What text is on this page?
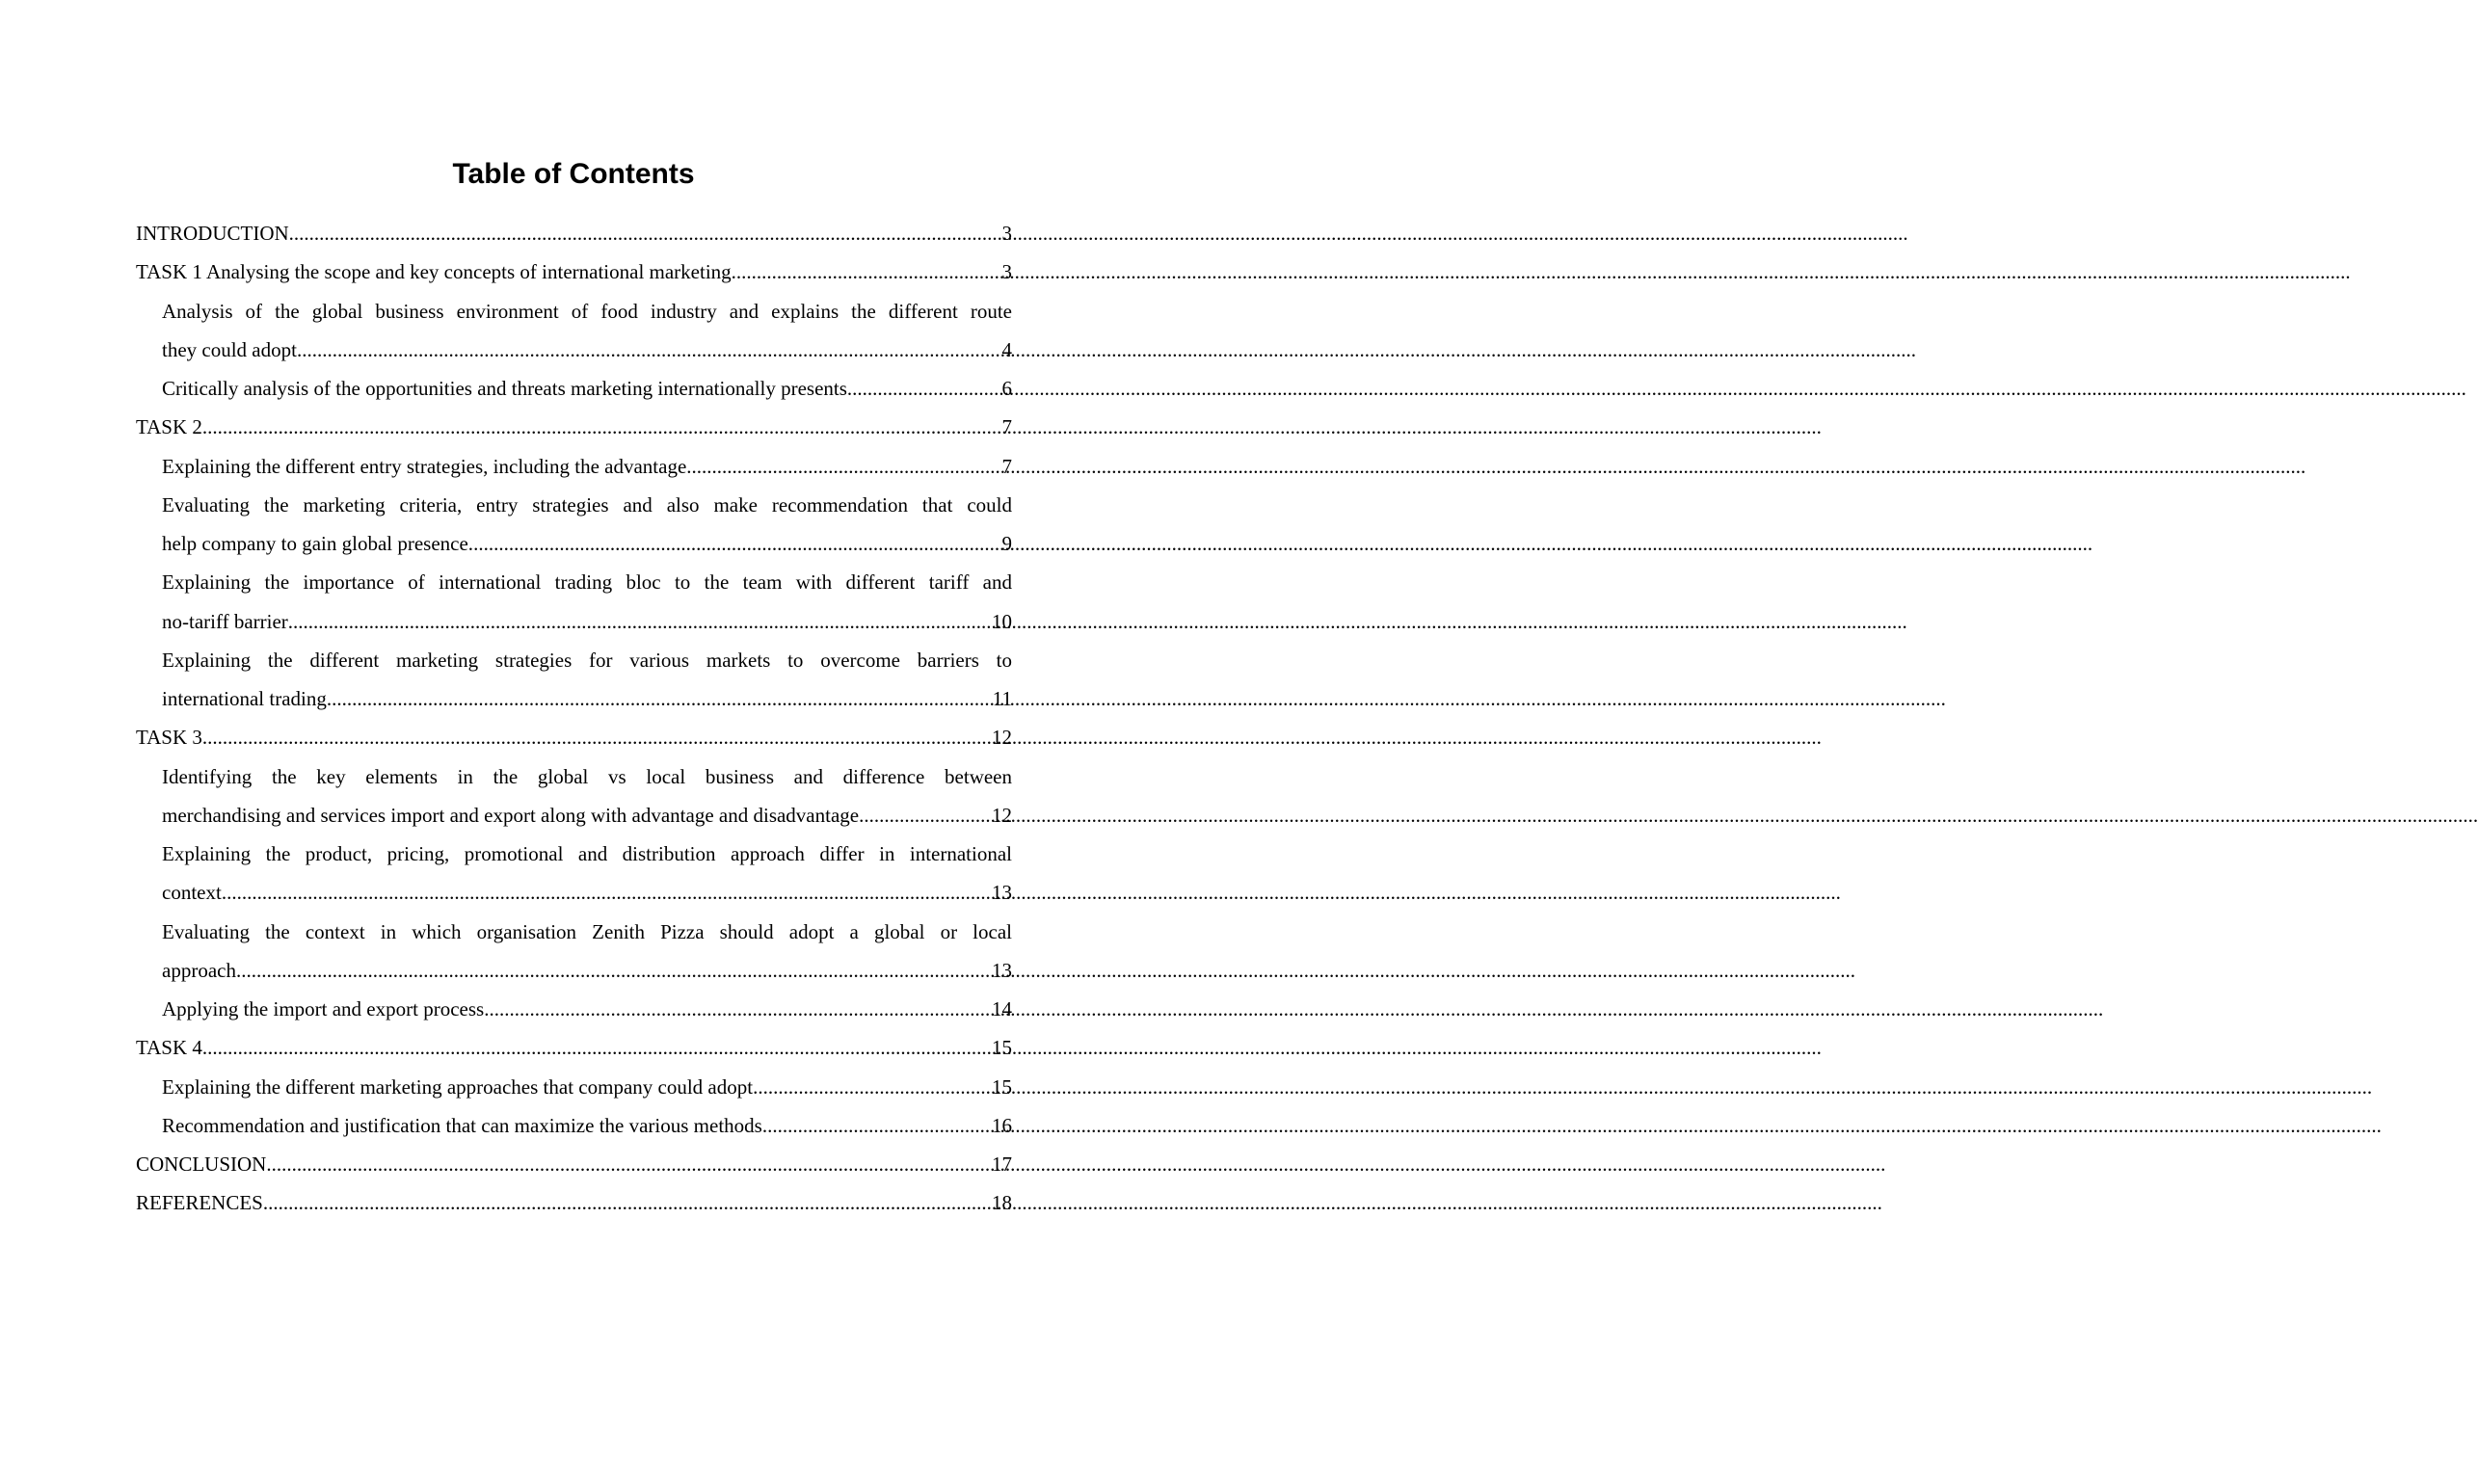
Table of Contents
INTRODUCTION .....	3
TASK 1 Analysing the scope and key concepts of international marketing .....	3
Analysis of the global business environment of food industry and explains the different route
they could adopt .....	4
Critically analysis of the opportunities and threats marketing internationally presents .....	6
TASK 2 .....	7
Explaining the different entry strategies, including the advantage .....	7
Evaluating the marketing criteria, entry strategies and also make recommendation that could
help company to gain global presence. .....	9
Explaining the importance of international trading bloc to the team with different tariff and
no-tariff barrier .....	10
Explaining the different marketing strategies for various markets to overcome barriers to
international trading .....	11
TASK 3 .....	12
Identifying the key elements in the global vs local business and difference between
merchandising and services import and export along with advantage and disadvantage .....	12
Explaining the product, pricing, promotional and distribution approach differ in international
context .....	13
Evaluating the context in which organisation Zenith Pizza should adopt a global or local
approach .....	13
Applying the import and export process .....	14
TASK 4 .....	15
Explaining the different marketing approaches that company could adopt .....	15
Recommendation and justification that can maximize the various methods .....	16
CONCLUSION .....	17
REFERENCES .....	18
